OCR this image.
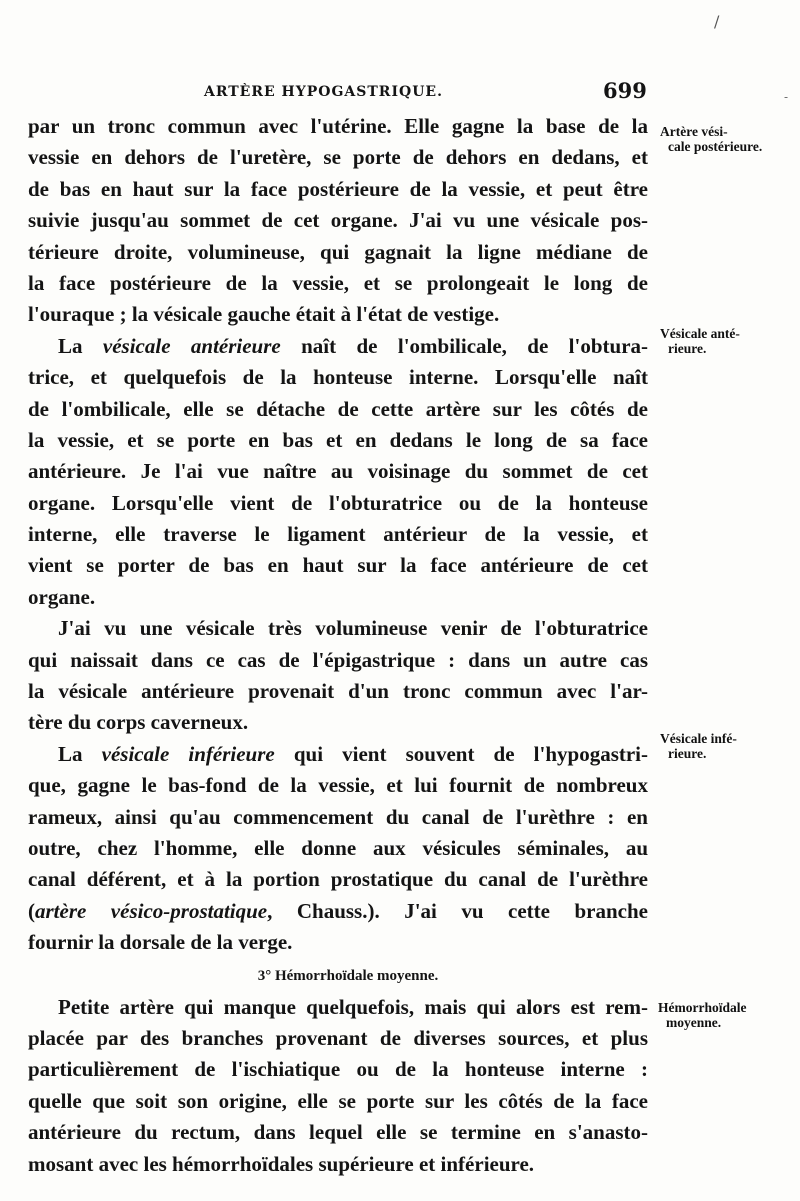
/
-
ARTÈRE HYPOGASTRIQUE.	699
Artère vési-
cale postérieure.
Vésicale anté-
rieure.
Vésicale infé-
rieure.
Hémorrhoïdale
moyenne.
par un tronc commun avec l'utérine. Elle gagne la base de la
vessie en dehors de l'uretère, se porte de dehors en dedans, et
de bas en haut sur la face postérieure de la vessie, et peut être
suivie jusqu'au sommet de cet organe. J'ai vu une vésicale pos-
térieure droite, volumineuse, qui gagnait la ligne médiane de
la face postérieure de la vessie, et se prolongeait le long de
l'ouraque ; la vésicale gauche était à l'état de vestige.
La vésicale antérieure naît de l'ombilicale, de l'obtura-
trice, et quelquefois de la honteuse interne. Lorsqu'elle naît
de l'ombilicale, elle se détache de cette artère sur les côtés de
la vessie, et se porte en bas et en dedans le long de sa face
antérieure. Je l'ai vue naître au voisinage du sommet de cet
organe. Lorsqu'elle vient de l'obturatrice ou de la honteuse
interne, elle traverse le ligament antérieur de la vessie, et
vient se porter de bas en haut sur la face antérieure de cet
organe.
J'ai vu une vésicale très volumineuse venir de l'obturatrice
qui naissait dans ce cas de l'épigastrique : dans un autre cas
la vésicale antérieure provenait d'un tronc commun avec l'ar-
tère du corps caverneux.
La vésicale inférieure qui vient souvent de l'hypogastri-
que, gagne le bas-fond de la vessie, et lui fournit de nombreux
rameux, ainsi qu'au commencement du canal de l'urèthre : en
outre, chez l'homme, elle donne aux vésicules séminales, au
canal déférent, et à la portion prostatique du canal de l'urèthre
(artère vésico-prostatique, Chauss.). J'ai vu cette branche
fournir la dorsale de la verge.
3° Hémorrhoïdale moyenne.
Petite artère qui manque quelquefois, mais qui alors est rem-
placée par des branches provenant de diverses sources, et plus
particulièrement de l'ischiatique ou de la honteuse interne :
quelle que soit son origine, elle se porte sur les côtés de la face
antérieure du rectum, dans lequel elle se termine en s'anasto-
mosant avec les hémorrhoïdales supérieure et inférieure.
